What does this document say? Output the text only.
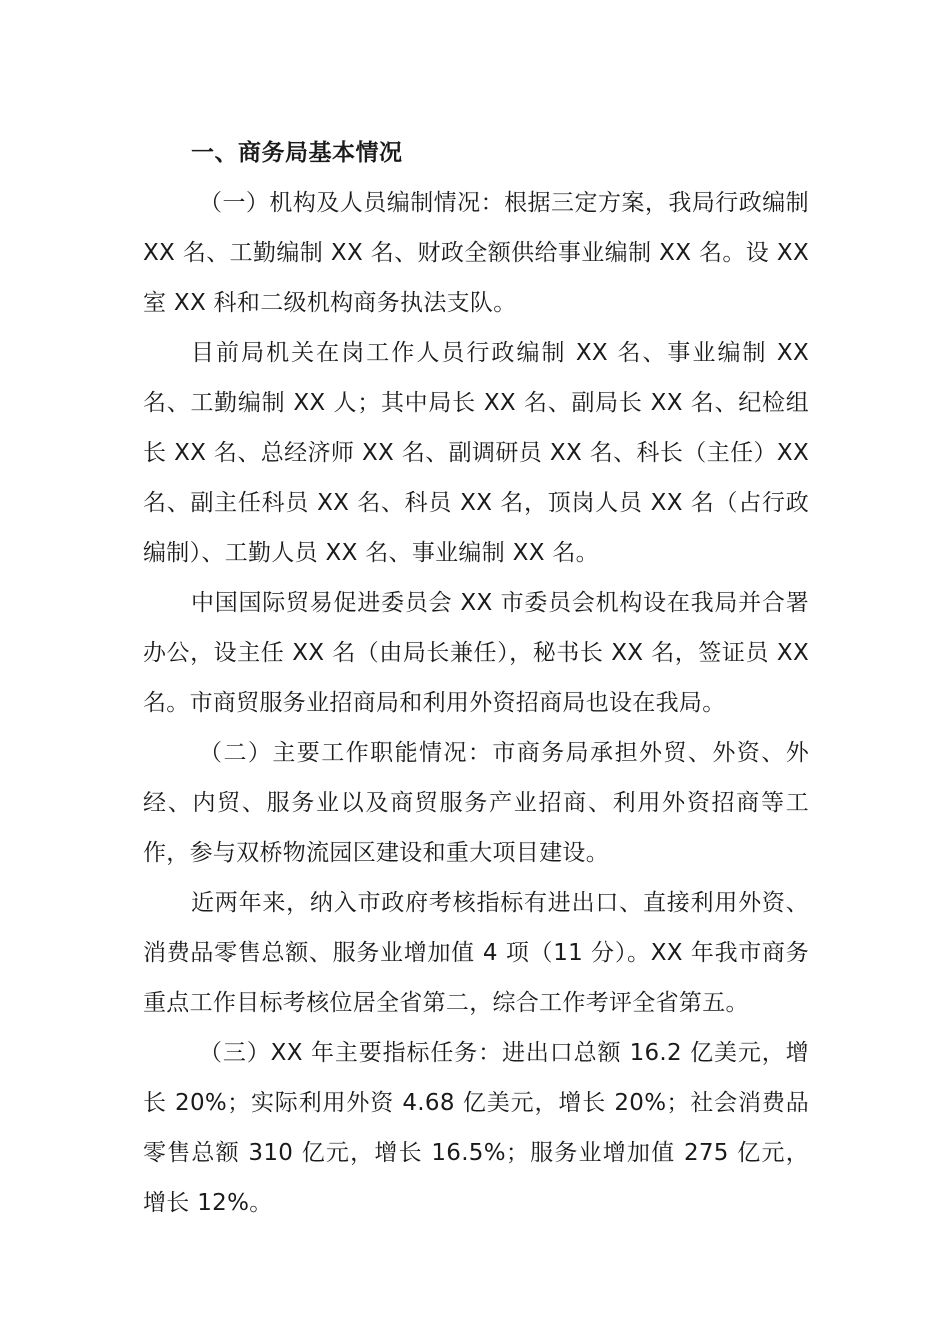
一、商务局基本情况

（一）机构及人员编制情况：根据三定方案，我局行政编制 XX 名、工勤编制 XX 名、财政全额供给事业编制 XX 名。设 XX 室 XX 科和二级机构商务执法支队。

目前局机关在岗工作人员行政编制 XX 名、事业编制 XX 名、工勤编制 XX 人；其中局长 XX 名、副局长 XX 名、纪检组长 XX 名、总经济师 XX 名、副调研员 XX 名、科长（主任）XX 名、副主任科员 XX 名、科员 XX 名，顶岗人员 XX 名（占行政编制）、工勤人员 XX 名、事业编制 XX 名。

中国国际贸易促进委员会 XX 市委员会机构设在我局并合署办公，设主任 XX 名（由局长兼任），秘书长 XX 名，签证员 XX 名。市商贸服务业招商局和利用外资招商局也设在我局。

（二）主要工作职能情况：市商务局承担外贸、外资、外经、内贸、服务业以及商贸服务产业招商、利用外资招商等工作，参与双桥物流园区建设和重大项目建设。

近两年来，纳入市政府考核指标有进出口、直接利用外资、消费品零售总额、服务业增加值 4 项（11 分）。XX 年我市商务重点工作目标考核位居全省第二，综合工作考评全省第五。

（三）XX 年主要指标任务：进出口总额 16.2 亿美元，增长 20%；实际利用外资 4.68 亿美元，增长 20%；社会消费品零售总额 310 亿元，增长 16.5%；服务业增加值 275 亿元，增长 12%。
